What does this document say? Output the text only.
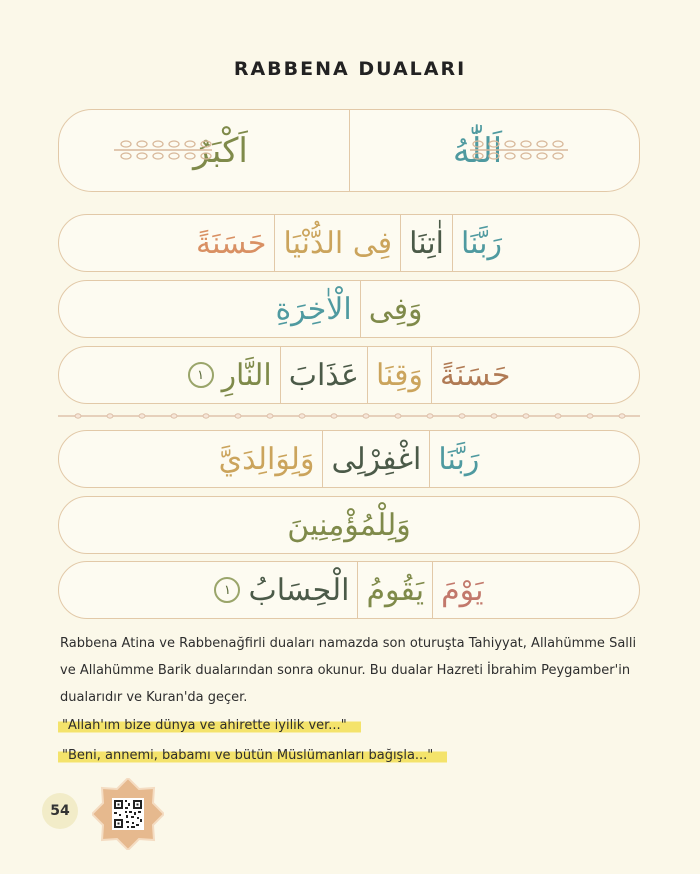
RABBENA DUALARI
اَللّٰهُ
اَكْبَرُ
رَبَّنَا
اٰتِنَا
فِى الدُّنْيَا
حَسَنَةً
وَفِى
الْاٰخِرَةِ
حَسَنَةً
وَقِنَا
عَذَابَ
النَّارِ
١
رَبَّنَا
اغْفِرْلِى
وَلِوَالِدَيَّ
وَلِلْمُؤْمِنِينَ
يَوْمَ
يَقُومُ
الْحِسَابُ
١
Rabbena Atina ve Rabbenağfirli duaları namazda son oturuşta Tahiyyat, Allahümme Salli
ve Allahümme Barik dualarından sonra okunur. Bu dualar Hazreti İbrahim Peygamber'in
dualarıdır ve Kuran'da geçer.
"Allah'ım bize dünya ve ahirette iyilik ver..."
"Beni, annemi, babamı ve bütün Müslümanları bağışla..."
54
